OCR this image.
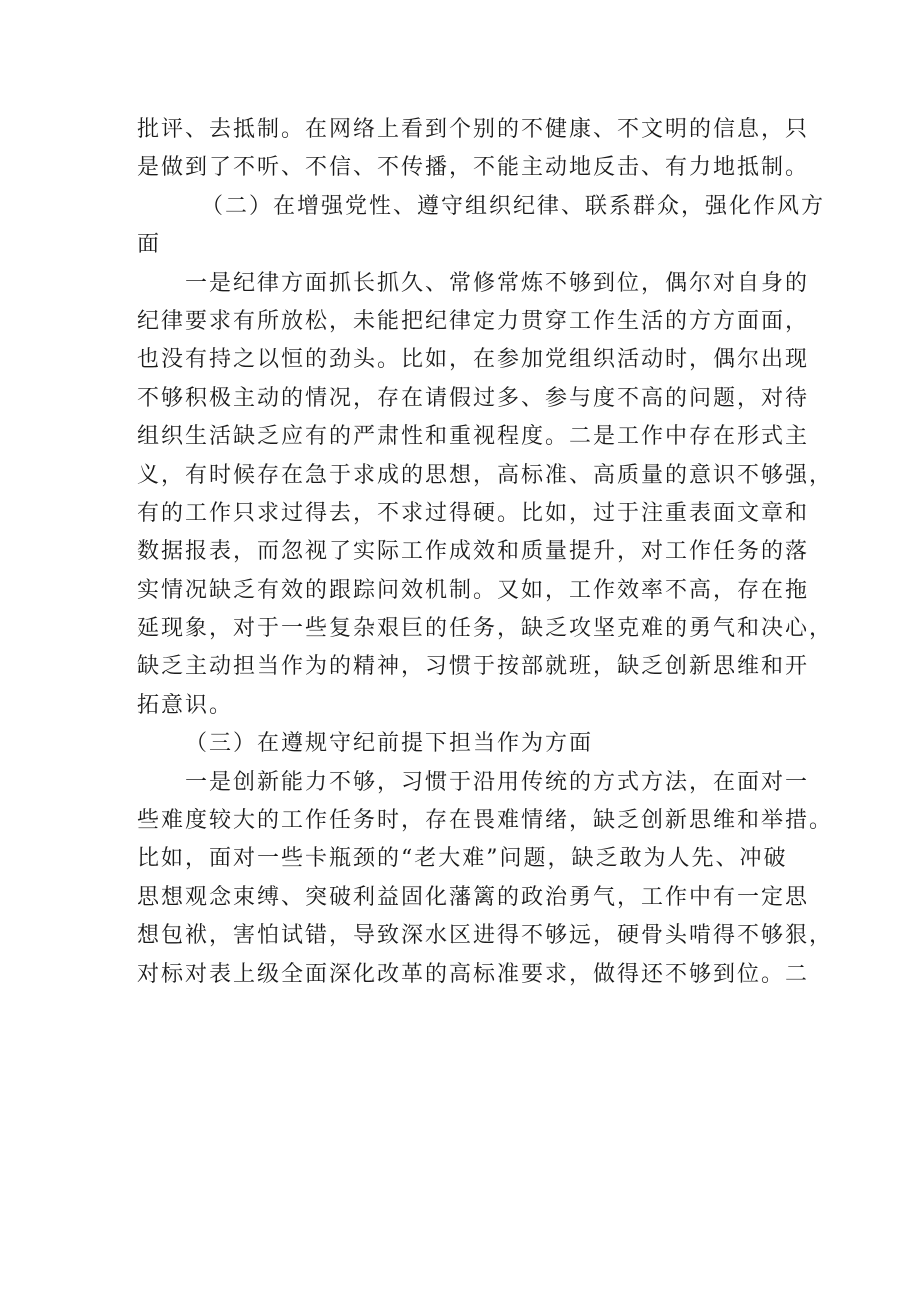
批评、去抵制。在网络上看到个别的不健康、不文明的信息，只
是做到了不听、不信、不传播，不能主动地反击、有力地抵制。
（二）在增强党性、遵守组织纪律、联系群众，强化作风方
面
一是纪律方面抓长抓久、常修常炼不够到位，偶尔对自身的
纪律要求有所放松，未能把纪律定力贯穿工作生活的方方面面，
也没有持之以恒的劲头。比如，在参加党组织活动时，偶尔出现
不够积极主动的情况，存在请假过多、参与度不高的问题，对待
组织生活缺乏应有的严肃性和重视程度。二是工作中存在形式主
义，有时候存在急于求成的思想，高标准、高质量的意识不够强，
有的工作只求过得去，不求过得硬。比如，过于注重表面文章和
数据报表，而忽视了实际工作成效和质量提升，对工作任务的落
实情况缺乏有效的跟踪问效机制。又如，工作效率不高，存在拖
延现象，对于一些复杂艰巨的任务，缺乏攻坚克难的勇气和决心，
缺乏主动担当作为的精神，习惯于按部就班，缺乏创新思维和开
拓意识。
（三）在遵规守纪前提下担当作为方面
一是创新能力不够，习惯于沿用传统的方式方法，在面对一
些难度较大的工作任务时，存在畏难情绪，缺乏创新思维和举措。
比如，面对一些卡瓶颈的“老大难”问题，缺乏敢为人先、冲破
思想观念束缚、突破利益固化藩篱的政治勇气，工作中有一定思
想包袱，害怕试错，导致深水区进得不够远，硬骨头啃得不够狠，
对标对表上级全面深化改革的高标准要求，做得还不够到位。二
